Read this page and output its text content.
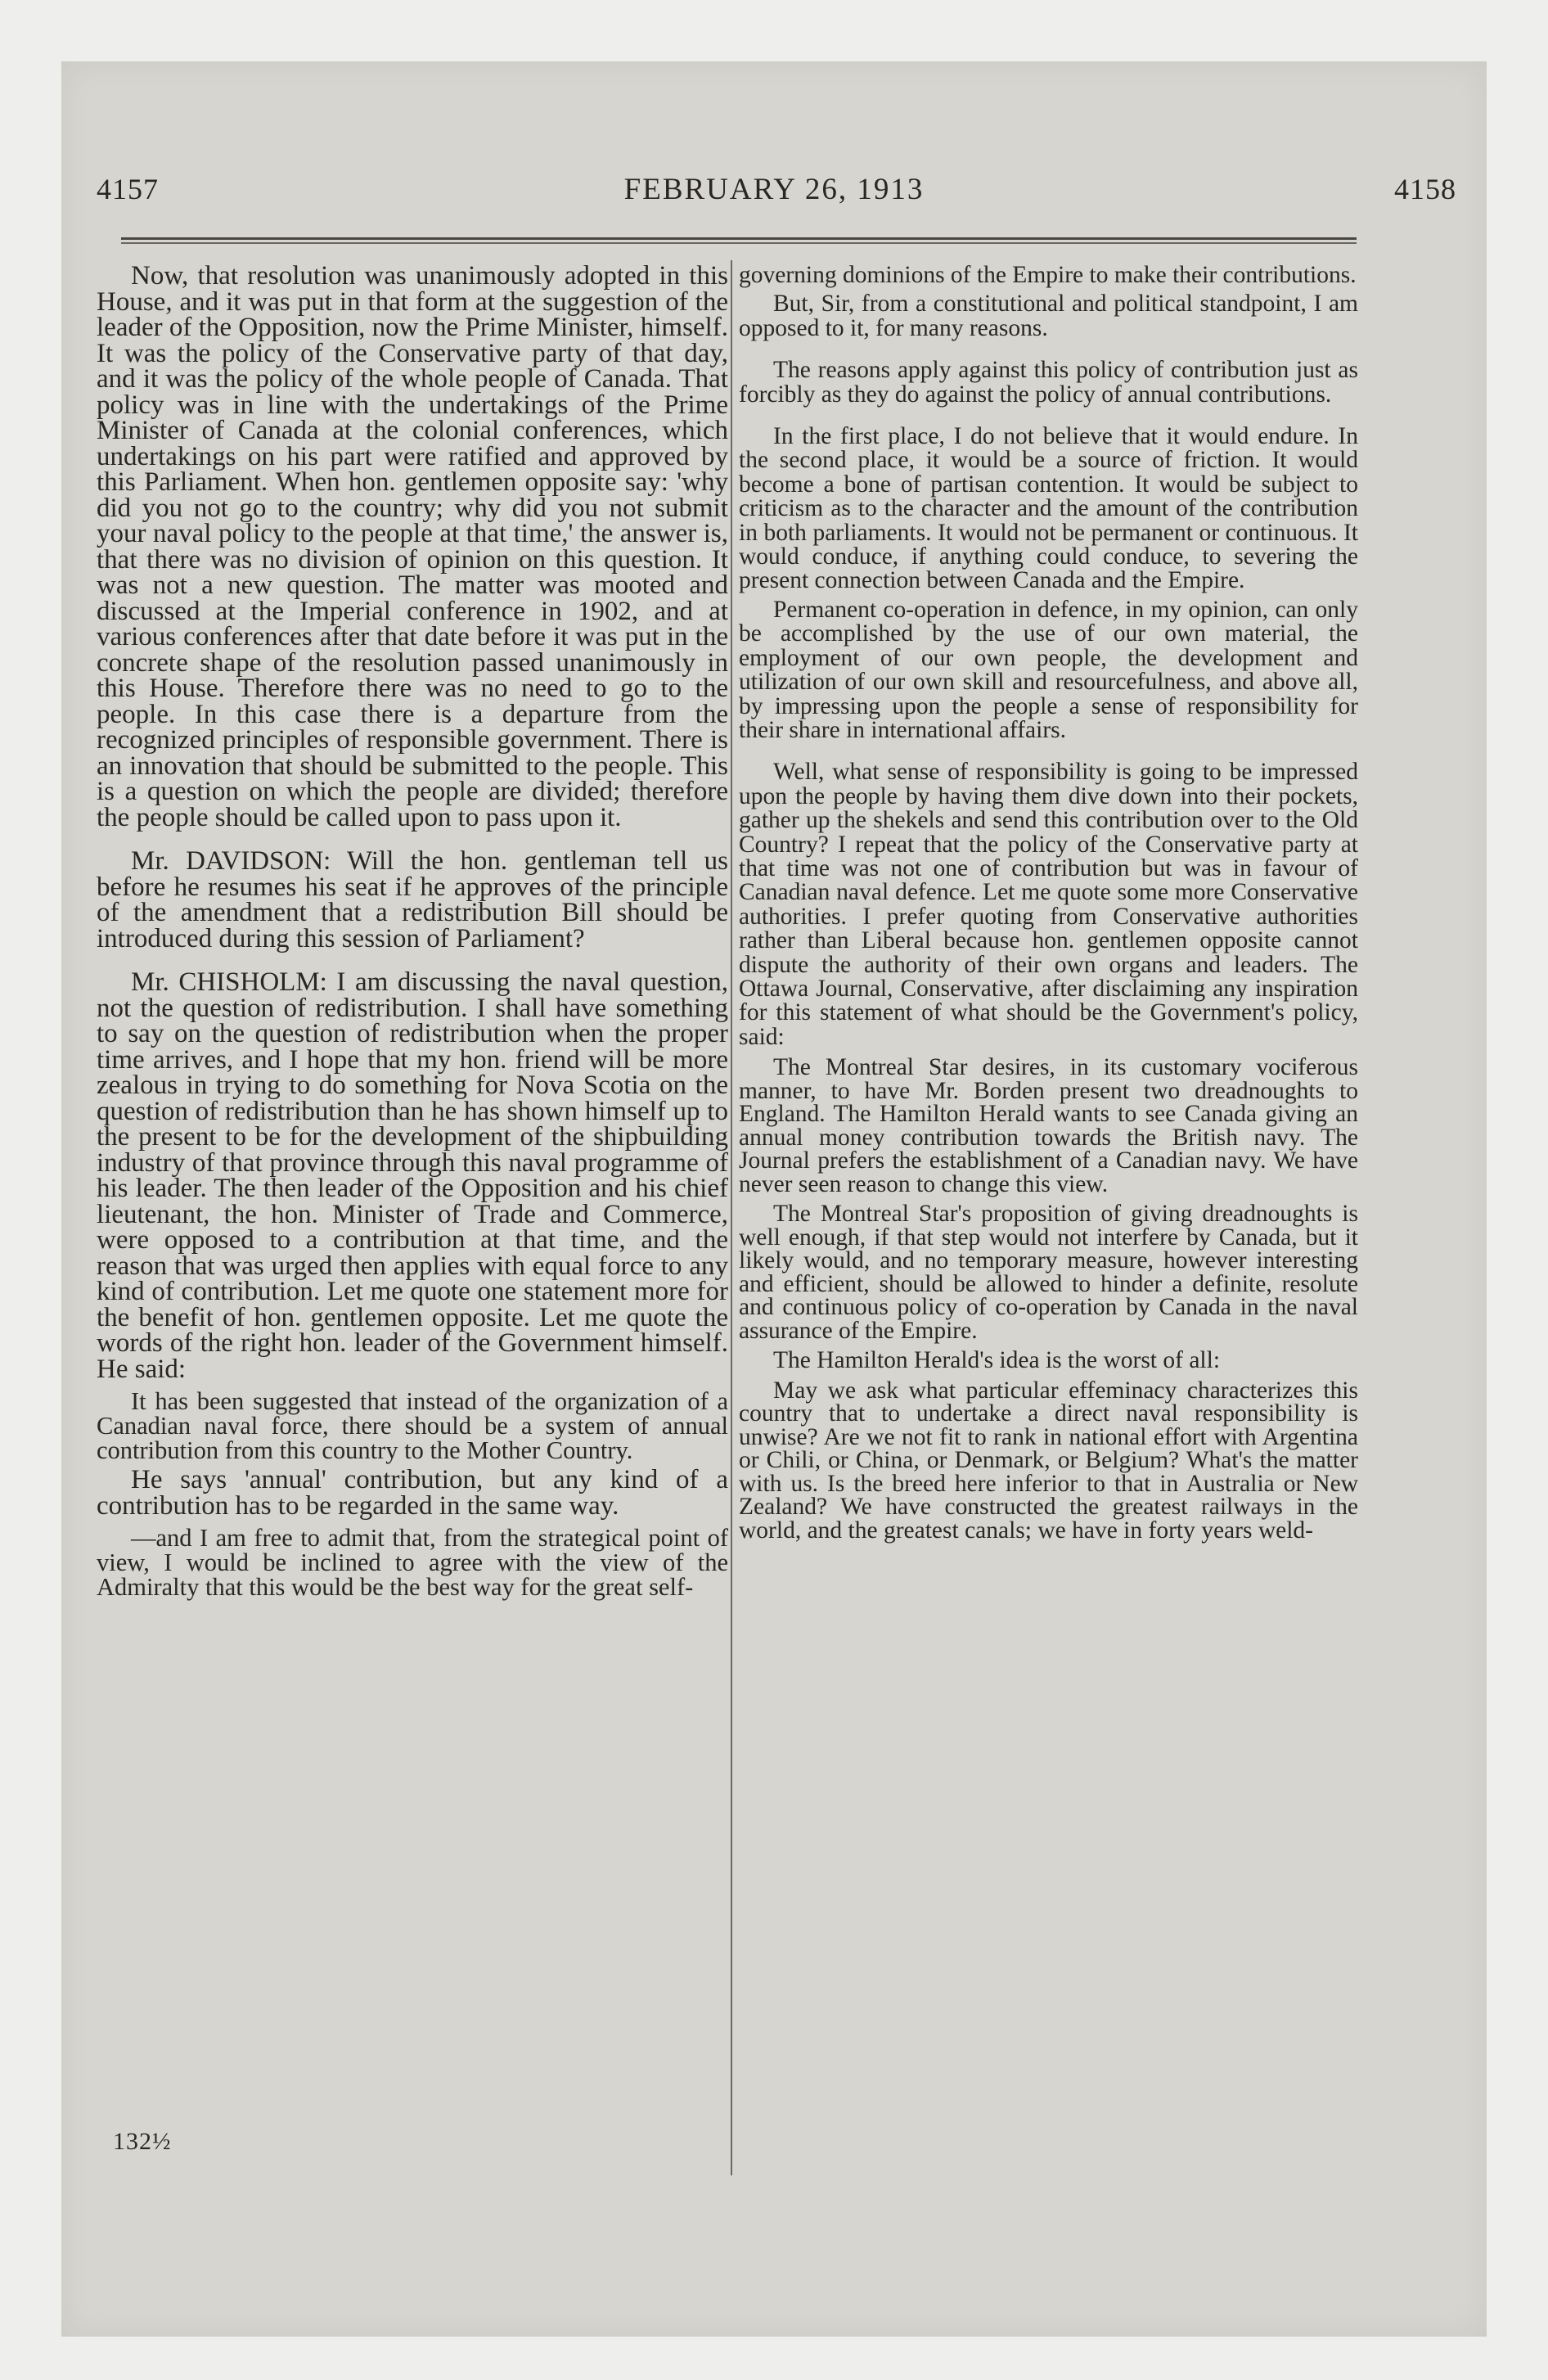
FEBRUARY 26, 1913
4157	4158

Now, that resolution was unanimously adopted in this House, and it was put in that form at the suggestion of the leader of the Opposition, now the Prime Minister, himself. It was the policy of the Conservative party of that day, and it was the policy of the whole people of Canada. That policy was in line with the undertakings of the Prime Minister of Canada at the colonial conferences, which undertakings on his part were ratified and approved by this Parliament. When hon. gentlemen opposite say: 'why did you not go to the country; why did you not submit your naval policy to the people at that time,' the answer is, that there was no division of opinion on this question. It was not a new question. The matter was mooted and discussed at the Imperial conference in 1902, and at various conferences after that date before it was put in the concrete shape of the resolution passed unanimously in this House. Therefore there was no need to go to the people. In this case there is a departure from the recognized principles of responsible government. There is an innovation that should be submitted to the people. This is a question on which the people are divided; therefore the people should be called upon to pass upon it.

Mr. DAVIDSON: Will the hon. gentleman tell us before he resumes his seat if he approves of the principle of the amendment that a redistribution Bill should be introduced during this session of Parliament?

Mr. CHISHOLM: I am discussing the naval question, not the question of redistribution. I shall have something to say on the question of redistribution when the proper time arrives, and I hope that my hon. friend will be more zealous in trying to do something for Nova Scotia on the question of redistribution than he has shown himself up to the present to be for the development of the shipbuilding industry of that province through this naval programme of his leader. The then leader of the Opposition and his chief lieutenant, the hon. Minister of Trade and Commerce, were opposed to a contribution at that time, and the reason that was urged then applies with equal force to any kind of contribution. Let me quote one statement more for the benefit of hon. gentlemen opposite. Let me quote the words of the right hon. leader of the Government himself. He said:

It has been suggested that instead of the organization of a Canadian naval force, there should be a system of annual contribution from this country to the Mother Country.

He says 'annual' contribution, but any kind of a contribution has to be regarded in the same way.

—and I am free to admit that, from the strategical point of view, I would be inclined to agree with the view of the Admiralty that this would be the best way for the great self-

governing dominions of the Empire to make their contributions.

But, Sir, from a constitutional and political standpoint, I am opposed to it, for many reasons.

The reasons apply against this policy of contribution just as forcibly as they do against the policy of annual contributions.

In the first place, I do not believe that it would endure. In the second place, it would be a source of friction. It would become a bone of partisan contention. It would be subject to criticism as to the character and the amount of the contribution in both parliaments. It would not be permanent or continuous. It would conduce, if anything could conduce, to severing the present connection between Canada and the Empire.

Permanent co-operation in defence, in my opinion, can only be accomplished by the use of our own material, the employment of our own people, the development and utilization of our own skill and resourcefulness, and above all, by impressing upon the people a sense of responsibility for their share in international affairs.

Well, what sense of responsibility is going to be impressed upon the people by having them dive down into their pockets, gather up the shekels and send this contribution over to the Old Country? I repeat that the policy of the Conservative party at that time was not one of contribution but was in favour of Canadian naval defence. Let me quote some more Conservative authorities. I prefer quoting from Conservative authorities rather than Liberal because hon. gentlemen opposite cannot dispute the authority of their own organs and leaders. The Ottawa Journal, Conservative, after disclaiming any inspiration for this statement of what should be the Government's policy, said:

The Montreal Star desires, in its customary vociferous manner, to have Mr. Borden present two dreadnoughts to England. The Hamilton Herald wants to see Canada giving an annual money contribution towards the British navy. The Journal prefers the establishment of a Canadian navy. We have never seen reason to change this view.

The Montreal Star's proposition of giving dreadnoughts is well enough, if that step would not interfere by Canada, but it likely would, and no temporary measure, however interesting and efficient, should be allowed to hinder a definite, resolute and continuous policy of co-operation by Canada in the naval assurance of the Empire.

The Hamilton Herald's idea is the worst of all:

May we ask what particular effeminacy characterizes this country that to undertake a direct naval responsibility is unwise? Are we not fit to rank in national effort with Argentina or Chili, or China, or Denmark, or Belgium? What's the matter with us. Is the breed here inferior to that in Australia or New Zealand? We have constructed the greatest railways in the world, and the greatest canals; we have in forty years weld-

132½
